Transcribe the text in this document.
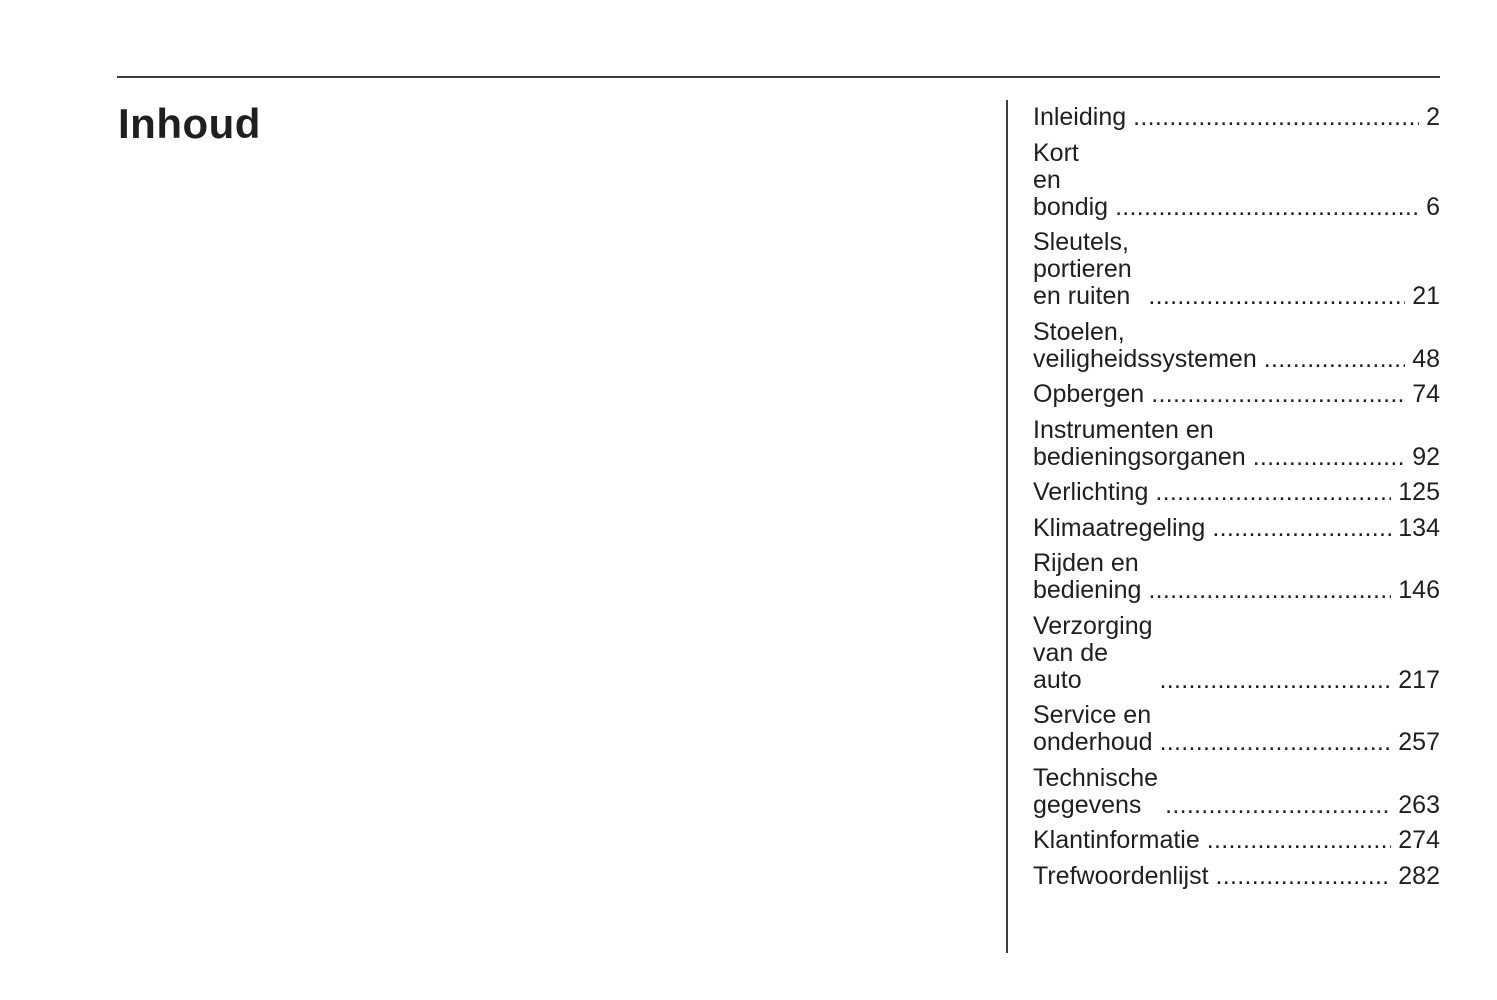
Inhoud	Inleiding .....	2
Kort en bondig .....	6
Sleutels, portieren en ruiten .....	21
Stoelen, veiligheidssystemen .....	48
Opbergen .....	74
Instrumenten en
bedieningsorganen .....	92
Verlichting .....	125
Klimaatregeling .....	134
Rijden en bediening .....	146
Verzorging van de auto .....	217
Service en onderhoud .....	257
Technische gegevens .....	263
Klantinformatie .....	274
Trefwoordenlijst .....	282
